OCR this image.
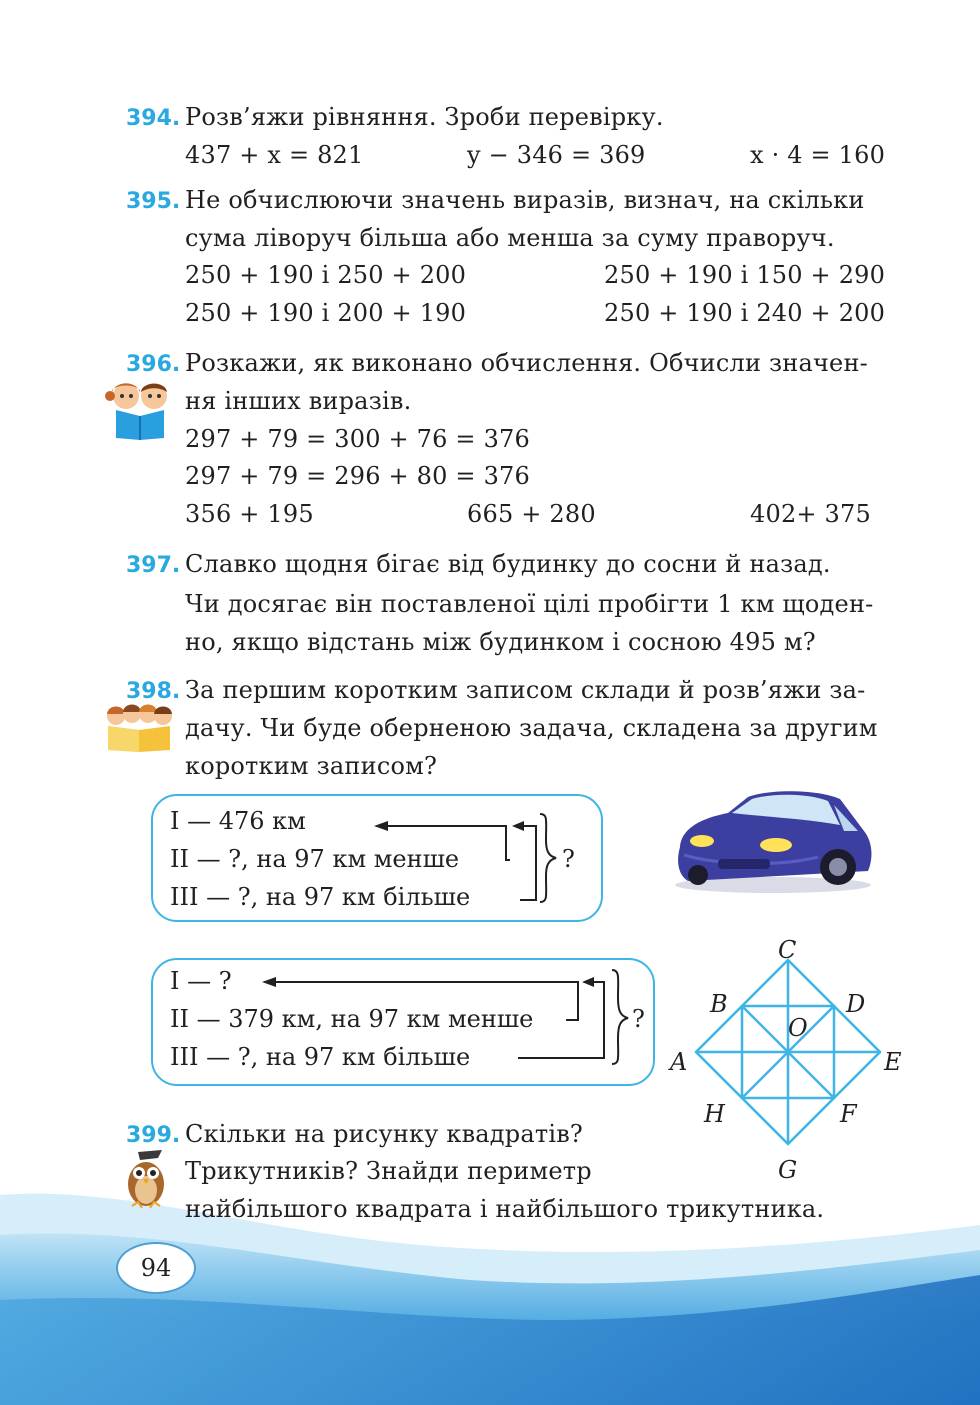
394. Розв’яжи рівняння. Зроби перевірку.
437 + x = 821	y − 346 = 369	x · 4 = 160
395. Не обчислюючи значень виразів, визнач, на скільки
сума ліворуч більша або менша за суму праворуч.
250 + 190 і 250 + 200	250 + 190 і 150 + 290
250 + 190 і 200 + 190	250 + 190 і 240 + 200
396. Розкажи, як виконано обчислення. Обчисли значен-
ня інших виразів.
297 + 79 = 300 + 76 = 376
297 + 79 = 296 + 80 = 376
356 + 195	665 + 280	402+ 375
397. Славко щодня бігає від будинку до сосни й назад.
Чи досягає він поставленої цілі пробігти 1 км щоден-
но, якщо відстань між будинком і сосною 495 м?
398. За першим коротким записом склади й розв’яжи за-
дачу. Чи буде оберненою задача, складена за другим
коротким записом?
I — 476 км
II — ?, на 97 км менше
III — ?, на 97 км більше
?
I — ?
II — 379 км, на 97 км менше
III — ?, на 97 км більше
?
C
B	D
O
A	E
H	F
G
399. Скільки на рисунку квадратів?
Трикутників? Знайди периметр
найбільшого квадрата і найбільшого трикутника.
94
